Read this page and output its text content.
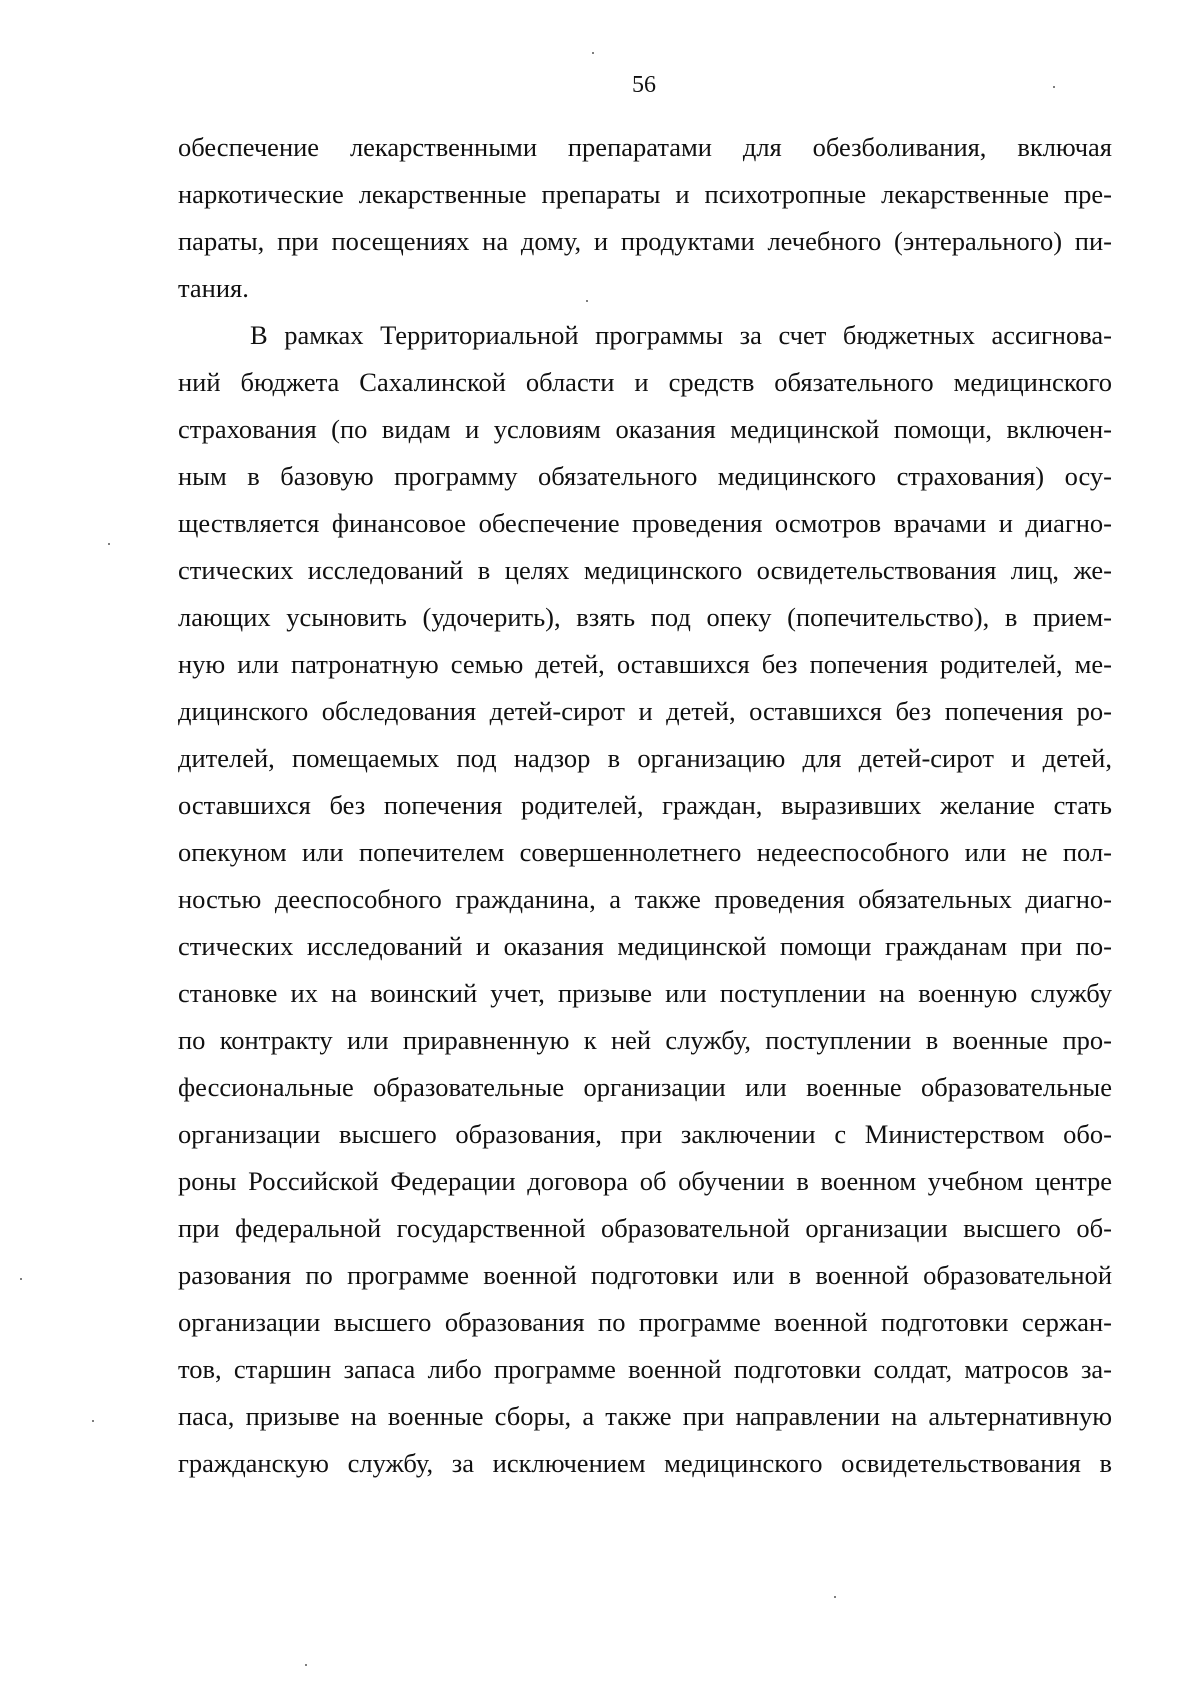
56
обеспечение лекарственными препаратами для обезболивания, включая
наркотические лекарственные препараты и психотропные лекарственные пре-
параты, при посещениях на дому, и продуктами лечебного (энтерального) пи-
тания.
В рамках Территориальной программы за счет бюджетных ассигнова-
ний бюджета Сахалинской области и средств обязательного медицинского
страхования (по видам и условиям оказания медицинской помощи, включен-
ным в базовую программу обязательного медицинского страхования) осу-
ществляется финансовое обеспечение проведения осмотров врачами и диагно-
стических исследований в целях медицинского освидетельствования лиц, же-
лающих усыновить (удочерить), взять под опеку (попечительство), в прием-
ную или патронатную семью детей, оставшихся без попечения родителей, ме-
дицинского обследования детей-сирот и детей, оставшихся без попечения ро-
дителей, помещаемых под надзор в организацию для детей-сирот и детей,
оставшихся без попечения родителей, граждан, выразивших желание стать
опекуном или попечителем совершеннолетнего недееспособного или не пол-
ностью дееспособного гражданина, а также проведения обязательных диагно-
стических исследований и оказания медицинской помощи гражданам при по-
становке их на воинский учет, призыве или поступлении на военную службу
по контракту или приравненную к ней службу, поступлении в военные про-
фессиональные образовательные организации или военные образовательные
организации высшего образования, при заключении с Министерством обо-
роны Российской Федерации договора об обучении в военном учебном центре
при федеральной государственной образовательной организации высшего об-
разования по программе военной подготовки или в военной образовательной
организации высшего образования по программе военной подготовки сержан-
тов, старшин запаса либо программе военной подготовки солдат, матросов за-
паса, призыве на военные сборы, а также при направлении на альтернативную
гражданскую службу, за исключением медицинского освидетельствования в
